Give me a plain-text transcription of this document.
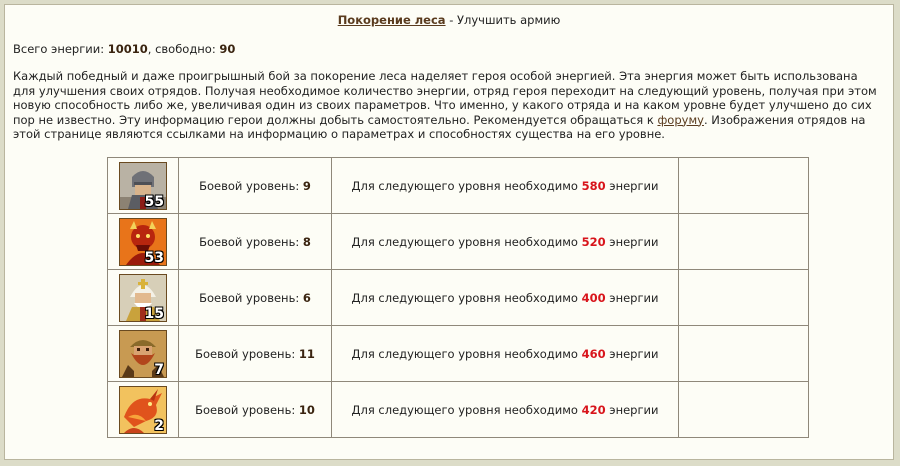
Покорение леса - Улучшить армию
Всего энергии: 10010, свободно: 90
Каждый победный и даже проигрышный бой за покорение леса наделяет героя особой энергией. Эта энергия может быть использована для улучшения своих отрядов. Получая необходимое количество энергии, отряд героя переходит на следующий уровень, получая при этом новую способность либо же, увеличивая один из своих параметров. Что именно, у какого отряда и на каком уровне будет улучшено до сих пор не известно. Эту информацию герои должны добыть самостоятельно. Рекомендуется обращаться к форуму. Изображения отрядов на этой странице являются ссылками на информацию о параметрах и способностях существа на его уровне.
55	Боевой уровень: 9	Для следующего уровня необходимо 580 энергии	

53	Боевой уровень: 8	Для следующего уровня необходимо 520 энергии	

15	Боевой уровень: 6	Для следующего уровня необходимо 400 энергии	

7	Боевой уровень: 11	Для следующего уровня необходимо 460 энергии	

2	Боевой уровень: 10	Для следующего уровня необходимо 420 энергии	
